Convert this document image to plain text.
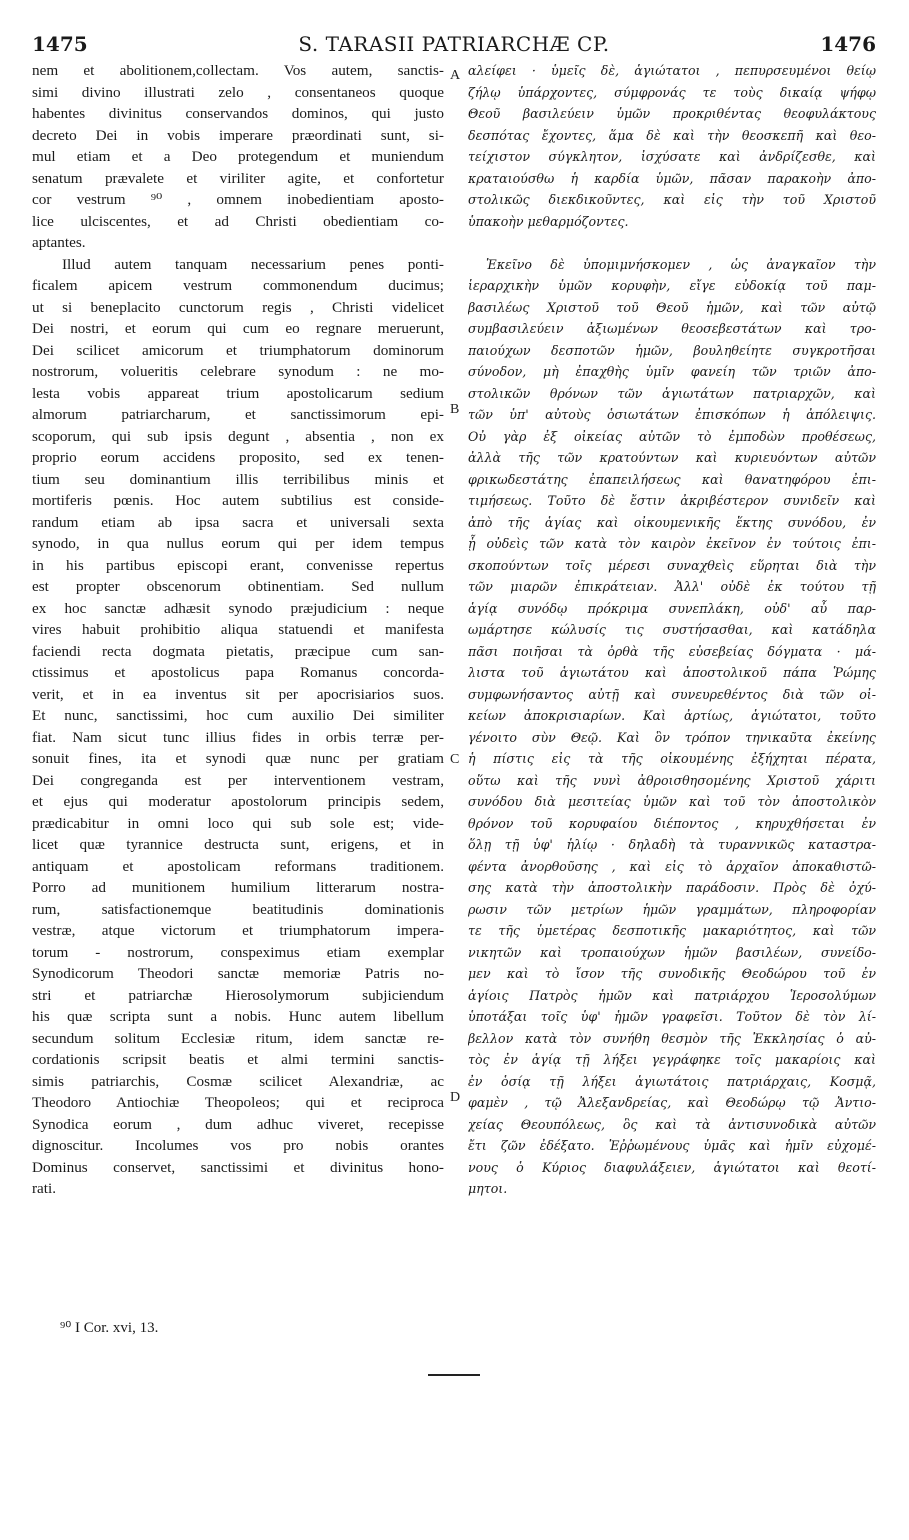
1475	S. TARASII PATRIARCHÆ CP.	1476
nem et abolitionem,collectam. Vos autem, sanctis-
simi divino illustrati zelo , consentaneos quoque
habentes divinitus conservandos dominos, qui justo
decreto Dei in vobis imperare præordinati sunt, si-
mul etiam et a Deo protegendum et muniendum
senatum prævalete et viriliter agite, et confortetur
cor vestrum ⁹⁰ , omnem inobedientiam aposto-
lice ulciscentes, et ad Christi obedientiam co-
aptantes.
Illud autem tanquam necessarium penes ponti-
ficalem apicem vestrum commonendum ducimus;
ut si beneplacito cunctorum regis , Christi videlicet
Dei nostri, et eorum qui cum eo regnare meruerunt,
Dei scilicet amicorum et triumphatorum dominorum
nostrorum, volueritis celebrare synodum : ne mo-
lesta vobis appareat trium apostolicarum sedium
almorum patriarcharum, et sanctissimorum epi-
scoporum, qui sub ipsis degunt , absentia , non ex
proprio eorum accidens proposito, sed ex tenen-
tium seu dominantium illis terribilibus minis et
mortiferis pœnis. Hoc autem subtilius est conside-
randum etiam ab ipsa sacra et universali sexta
synodo, in qua nullus eorum qui per idem tempus
in his partibus episcopi erant, convenisse repertus
est propter obscenorum obtinentiam. Sed nullum
ex hoc sanctæ adhæsit synodo præjudicium : neque
vires habuit prohibitio aliqua statuendi et manifesta
faciendi recta dogmata pietatis, præcipue cum san-
ctissimus et apostolicus papa Romanus concorda-
verit, et in ea inventus sit per apocrisiarios suos.
Et nunc, sanctissimi, hoc cum auxilio Dei similiter
fiat. Nam sicut tunc illius fides in orbis terræ per-
sonuit fines, ita et synodi quæ nunc per gratiam
Dei congreganda est per interventionem vestram,
et ejus qui moderatur apostolorum principis sedem,
prædicabitur in omni loco qui sub sole est; vide-
licet quæ tyrannice destructa sunt, erigens, et in
antiquam et apostolicam reformans traditionem.
Porro ad munitionem humilium litterarum nostra-
rum, satisfactionemque beatitudinis dominationis
vestræ, atque victorum et triumphatorum impera-
torum - nostrorum, conspeximus etiam exemplar
Synodicorum Theodori sanctæ memoriæ Patris no-
stri et patriarchæ Hierosolymorum subjiciendum
his quæ scripta sunt a nobis. Hunc autem libellum
secundum solitum Ecclesiæ ritum, idem sanctæ re-
cordationis scripsit beatis et almi termini sanctis-
simis patriarchis, Cosmæ scilicet Alexandriæ, ac
Theodoro Antiochiæ Theopoleos; qui et reciproca
Synodica eorum , dum adhuc viveret, recepisse
dignoscitur. Incolumes vos pro nobis orantes
Dominus conservet, sanctissimi et divinitus hono-
rati.
αλείφει · ὑμεῖς δὲ, ἁγιώτατοι , πεπυρσευμένοι θείῳ
ζήλῳ ὑπάρχοντες, σύμφρονάς τε τοὺς δικαίᾳ ψήφῳ
Θεοῦ βασιλεύειν ὑμῶν προκριθέντας θεοφυλάκτους
δεσπότας ἔχοντες, ἅμα δὲ καὶ τὴν θεοσκεπῆ καὶ θεο-
τείχιστον σύγκλητον, ἰσχύσατε καὶ ἀνδρίζεσθε, καὶ
κραταιούσθω ἡ καρδία ὑμῶν, πᾶσαν παρακοὴν ἀπο-
στολικῶς διεκδικοῦντες, καὶ εἰς τὴν τοῦ Χριστοῦ
ὑπακοὴν μεθαρμόζοντες.
Ἐκεῖνο δὲ ὑπομιμνήσκομεν , ὡς ἀναγκαῖον τὴν
ἱεραρχικὴν ὑμῶν κορυφὴν, εἴγε εὐδοκίᾳ τοῦ παμ-
βασιλέως Χριστοῦ τοῦ Θεοῦ ἡμῶν, καὶ τῶν αὐτῷ
συμβασιλεύειν ἀξιωμένων θεοσεβεστάτων καὶ τρο-
παιούχων δεσποτῶν ἡμῶν, βουληθείητε συγκροτῆσαι
σύνοδον, μὴ ἐπαχθὴς ὑμῖν φανείη τῶν τριῶν ἀπο-
στολικῶν θρόνων τῶν ἁγιωτάτων πατριαρχῶν, καὶ
τῶν ὑπ' αὐτοὺς ὁσιωτάτων ἐπισκόπων ἡ ἀπόλειψις.
Οὐ γὰρ ἐξ οἰκείας αὐτῶν τὸ ἐμποδὼν προθέσεως,
ἀλλὰ τῆς τῶν κρατούντων καὶ κυριευόντων αὐτῶν
φρικωδεστάτης ἐπαπειλήσεως καὶ θανατηφόρου ἐπι-
τιμήσεως. Τοῦτο δὲ ἔστιν ἀκριβέστερον συνιδεῖν καὶ
ἀπὸ τῆς ἁγίας καὶ οἰκουμενικῆς ἕκτης συνόδου, ἐν
ᾗ οὐδεὶς τῶν κατὰ τὸν καιρὸν ἐκεῖνον ἐν τούτοις ἐπι-
σκοπούντων τοῖς μέρεσι συναχθεὶς εὕρηται διὰ τὴν
τῶν μιαρῶν ἐπικράτειαν. Ἀλλ' οὐδὲ ἐκ τούτου τῇ
ἁγίᾳ συνόδῳ πρόκριμα συνεπλάκη, οὐδ' αὖ παρ-
ωμάρτησε κώλυσίς τις συστήσασθαι, καὶ κατάδηλα
πᾶσι ποιῆσαι τὰ ὀρθὰ τῆς εὐσεβείας δόγματα · μά-
λιστα τοῦ ἁγιωτάτου καὶ ἀποστολικοῦ πάπα Ῥώμης
συμφωνήσαντος αὐτῇ καὶ συνευρεθέντος διὰ τῶν οἰ-
κείων ἀποκρισιαρίων. Καὶ ἀρτίως, ἁγιώτατοι, τοῦτο
γένοιτο σὺν Θεῷ. Καὶ ὃν τρόπον τηνικαῦτα ἐκείνης
ἡ πίστις εἰς τὰ τῆς οἰκουμένης ἐξήχηται πέρατα,
οὕτω καὶ τῆς νυνὶ ἀθροισθησομένης Χριστοῦ χάριτι
συνόδου διὰ μεσιτείας ὑμῶν καὶ τοῦ τὸν ἀποστολικὸν
θρόνον τοῦ κορυφαίου διέποντος , κηρυχθήσεται ἐν
ὅλῃ τῇ ὑφ' ἡλίῳ · δηλαδὴ τὰ τυραννικῶς καταστρα-
φέντα ἀνορθοῦσης , καὶ εἰς τὸ ἀρχαῖον ἀποκαθιστῶ-
σης κατὰ τὴν ἀποστολικὴν παράδοσιν. Πρὸς δὲ ὀχύ-
ρωσιν τῶν μετρίων ἡμῶν γραμμάτων, πληροφορίαν
τε τῆς ὑμετέρας δεσποτικῆς μακαριότητος, καὶ τῶν
νικητῶν καὶ τροπαιούχων ἡμῶν βασιλέων, συνείδο-
μεν καὶ τὸ ἴσον τῆς συνοδικῆς Θεοδώρου τοῦ ἐν
ἁγίοις Πατρὸς ἡμῶν καὶ πατριάρχου Ἱεροσολύμων
ὑποτάξαι τοῖς ὑφ' ἡμῶν γραφεῖσι. Τοῦτον δὲ τὸν λί-
βελλον κατὰ τὸν συνήθη θεσμὸν τῆς Ἐκκλησίας ὁ αὐ-
τὸς ἐν ἁγίᾳ τῇ λήξει γεγράφηκε τοῖς μακαρίοις καὶ
ἐν ὁσίᾳ τῇ λήξει ἁγιωτάτοις πατριάρχαις, Κοσμᾷ,
φαμὲν , τῷ Ἀλεξανδρείας, καὶ Θεοδώρῳ τῷ Ἀντιο-
χείας Θεουπόλεως, ὃς καὶ τὰ ἀντισυνοδικὰ αὐτῶν
ἔτι ζῶν ἐδέξατο. Ἐῤῥωμένους ὑμᾶς καὶ ἡμῖν εὐχομέ-
νους ὁ Κύριος διαφυλάξειεν, ἁγιώτατοι καὶ θεοτί-
μητοι.
A
B
C
D
⁹⁰ I Cor. xvi, 13.
